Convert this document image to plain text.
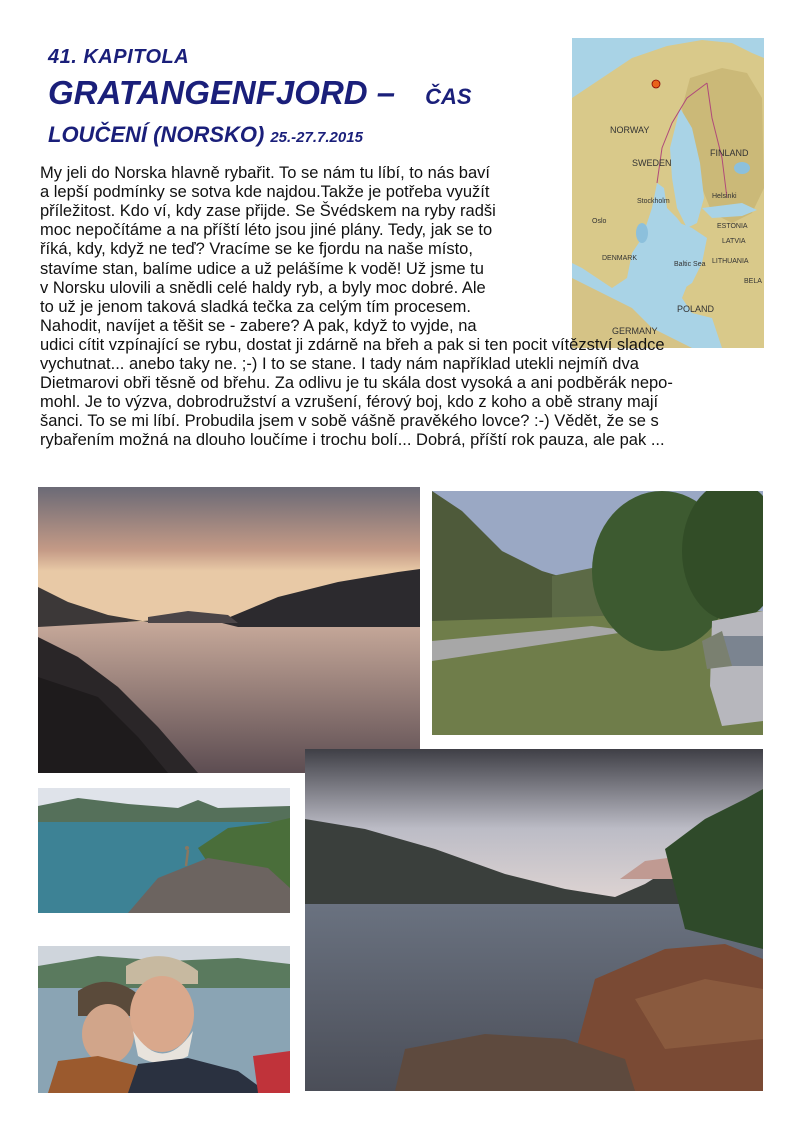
41. KAPITOLA
GRATANGENFJORD – ČAS
LOUČENÍ (NORSKO) 25.-27.7.2015	NORWAY
SWEDEN
FINLAND
Stockholm
Helsinki
Oslo
ESTONIA
LATVIA
LITHUANIA
Baltic Sea
DENMARK
POLAND
GERMANY
BELA
My jeli do Norska hlavně rybařit. To se nám tu líbí, to nás baví
a lepší podmínky se sotva kde najdou.Takže je potřeba využít
příležitost. Kdo ví, kdy zase přijde. Se Švédskem na ryby radši
moc nepočítáme a na příští léto jsou jiné plány. Tedy, jak se to
říká, kdy, když ne teď? Vracíme se ke fjordu na naše místo,
stavíme stan, balíme udice a už pelášíme k vodě! Už jsme tu
v Norsku ulovili a snědli celé haldy ryb, a byly moc dobré. Ale
to už je jenom taková sladká tečka za celým tím procesem.
Nahodit, navíjet a těšit se - zabere? A pak, když to vyjde, na
udici cítit vzpínající se rybu, dostat ji zdárně na břeh a pak si ten pocit vítězství sladce
vychutnat... anebo taky ne. ;-) I to se stane. I tady nám například utekli nejmíň dva
Dietmarovi obři těsně od břehu. Za odlivu je tu skála dost vysoká a ani podběrák nepo-
mohl. Je to výzva, dobrodružství a vzrušení, férový boj, kdo z koho a obě strany mají
šanci. To se mi líbí. Probudila jsem v sobě vášně pravěkého lovce? :-) Vědět, že se s
rybařením možná na dlouho loučíme i trochu bolí... Dobrá, příští rok pauza, ale pak ...
